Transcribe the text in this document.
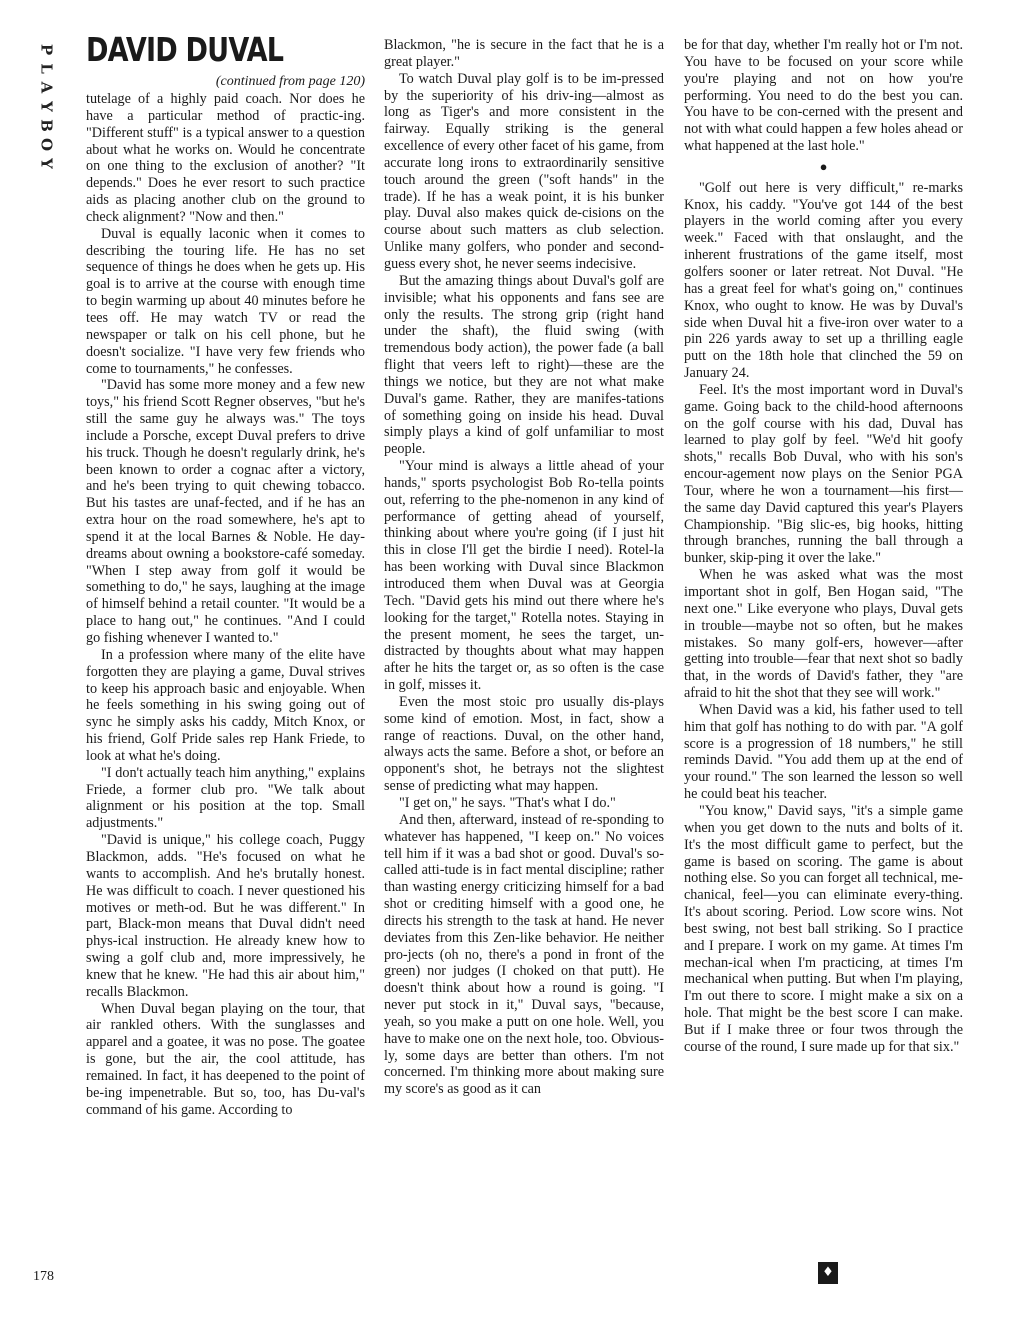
P
L
A
Y
B
O
Y
DAVID DUVAL
(continued from page 120)

tutelage of a highly paid coach. Nor does he have a particular method of practic-ing. "Different stuff" is a typical answer to a question about what he works on. Would he concentrate on one thing to the exclusion of another? "It depends." Does he ever resort to such practice aids as placing another club on the ground to check alignment? "Now and then."

Duval is equally laconic when it comes to describing the touring life. He has no set sequence of things he does when he gets up. His goal is to arrive at the course with enough time to begin warming up about 40 minutes before he tees off. He may watch TV or read the newspaper or talk on his cell phone, but he doesn't socialize. "I have very few friends who come to tournaments," he confesses.

"David has some more money and a few new toys," his friend Scott Regner observes, "but he's still the same guy he always was." The toys include a Porsche, except Duval prefers to drive his truck. Though he doesn't regularly drink, he's been known to order a cognac after a victory, and he's been trying to quit chewing tobacco. But his tastes are unaf-fected, and if he has an extra hour on the road somewhere, he's apt to spend it at the local Barnes & Noble. He day-dreams about owning a bookstore-café someday. "When I step away from golf it would be something to do," he says, laughing at the image of himself behind a retail counter. "It would be a place to hang out," he continues. "And I could go fishing whenever I wanted to."

In a profession where many of the elite have forgotten they are playing a game, Duval strives to keep his approach basic and enjoyable. When he feels something in his swing going out of sync he simply asks his caddy, Mitch Knox, or his friend, Golf Pride sales rep Hank Friede, to look at what he's doing.

"I don't actually teach him anything," explains Friede, a former club pro. "We talk about alignment or his position at the top. Small adjustments."

"David is unique," his college coach, Puggy Blackmon, adds. "He's focused on what he wants to accomplish. And he's brutally honest. He was difficult to coach. I never questioned his motives or meth-od. But he was different." In part, Black-mon means that Duval didn't need phys-ical instruction. He already knew how to swing a golf club and, more impressively, he knew that he knew. "He had this air about him," recalls Blackmon.

When Duval began playing on the tour, that air rankled others. With the sunglasses and apparel and a goatee, it was no pose. The goatee is gone, but the air, the cool attitude, has remained. In fact, it has deepened to the point of be-ing impenetrable. But so, too, has Du-val's command of his game. According to

Blackmon, "he is secure in the fact that he is a great player."

To watch Duval play golf is to be im-pressed by the superiority of his driv-ing—almost as long as Tiger's and more consistent in the fairway. Equally striking is the general excellence of every other facet of his game, from accurate long irons to extraordinarily sensitive touch around the green ("soft hands" in the trade). If he has a weak point, it is his bunker play. Duval also makes quick de-cisions on the course about such matters as club selection. Unlike many golfers, who ponder and second-guess every shot, he never seems indecisive.

But the amazing things about Duval's golf are invisible; what his opponents and fans see are only the results. The strong grip (right hand under the shaft), the fluid swing (with tremendous body action), the power fade (a ball flight that veers left to right)—these are the things we notice, but they are not what make Duval's game. Rather, they are manifes-tations of something going on inside his head. Duval simply plays a kind of golf unfamiliar to most people.

"Your mind is always a little ahead of your hands," sports psychologist Bob Ro-tella points out, referring to the phe-nomenon in any kind of performance of getting ahead of yourself, thinking about where you're going (if I just hit this in close I'll get the birdie I need). Rotel-la has been working with Duval since Blackmon introduced them when Duval was at Georgia Tech. "David gets his mind out there where he's looking for the target," Rotella notes. Staying in the present moment, he sees the target, un-distracted by thoughts about what may happen after he hits the target or, as so often is the case in golf, misses it.

Even the most stoic pro usually dis-plays some kind of emotion. Most, in fact, show a range of reactions. Duval, on the other hand, always acts the same. Before a shot, or before an opponent's shot, he betrays not the slightest sense of predicting what may happen.

"I get on," he says. "That's what I do."

And then, afterward, instead of re-sponding to whatever has happened, "I keep on." No voices tell him if it was a bad shot or good. Duval's so-called atti-tude is in fact mental discipline; rather than wasting energy criticizing himself for a bad shot or crediting himself with a good one, he directs his strength to the task at hand. He never deviates from this Zen-like behavior. He neither pro-jects (oh no, there's a pond in front of the green) nor judges (I choked on that putt). He doesn't think about how a round is going. "I never put stock in it," Duval says, "because, yeah, so you make a putt on one hole. Well, you have to make one on the next hole, too. Obvious-ly, some days are better than others. I'm not concerned. I'm thinking more about making sure my score's as good as it can

be for that day, whether I'm really hot or I'm not. You have to be focused on your score while you're playing and not on how you're performing. You need to do the best you can. You have to be con-cerned with the present and not with what could happen a few holes ahead or what happened at the last hole."

●

"Golf out here is very difficult," re-marks Knox, his caddy. "You've got 144 of the best players in the world coming after you every week." Faced with that onslaught, and the inherent frustrations of the game itself, most golfers sooner or later retreat. Not Duval. "He has a great feel for what's going on," continues Knox, who ought to know. He was by Duval's side when Duval hit a five-iron over water to a pin 226 yards away to set up a thrilling eagle putt on the 18th hole that clinched the 59 on January 24.

Feel. It's the most important word in Duval's game. Going back to the child-hood afternoons on the golf course with his dad, Duval has learned to play golf by feel. "We'd hit goofy shots," recalls Bob Duval, who with his son's encour-agement now plays on the Senior PGA Tour, where he won a tournament—his first—the same day David captured this year's Players Championship. "Big slic-es, big hooks, hitting through branches, running the ball through a bunker, skip-ping it over the lake."

When he was asked what was the most important shot in golf, Ben Hogan said, "The next one." Like everyone who plays, Duval gets in trouble—maybe not so often, but he makes mistakes. So many golf-ers, however—after getting into trouble—fear that next shot so badly that, in the words of David's father, they "are afraid to hit the shot that they see will work."

When David was a kid, his father used to tell him that golf has nothing to do with par. "A golf score is a progression of 18 numbers," he still reminds David. "You add them up at the end of your round." The son learned the lesson so well he could beat his teacher.

"You know," David says, "it's a simple game when you get down to the nuts and bolts of it. It's the most difficult game to perfect, but the game is based on scoring. The game is about nothing else. So you can forget all technical, me-chanical, feel—you can eliminate every-thing. It's about scoring. Period. Low score wins. Not best swing, not best ball striking. So I practice and I prepare. I work on my game. At times I'm mechan-ical when I'm practicing, at times I'm mechanical when putting. But when I'm playing, I'm out there to score. I might make a six on a hole. That might be the best score I can make. But if I make three or four twos through the course of the round, I sure made up for that six."

178	♦
